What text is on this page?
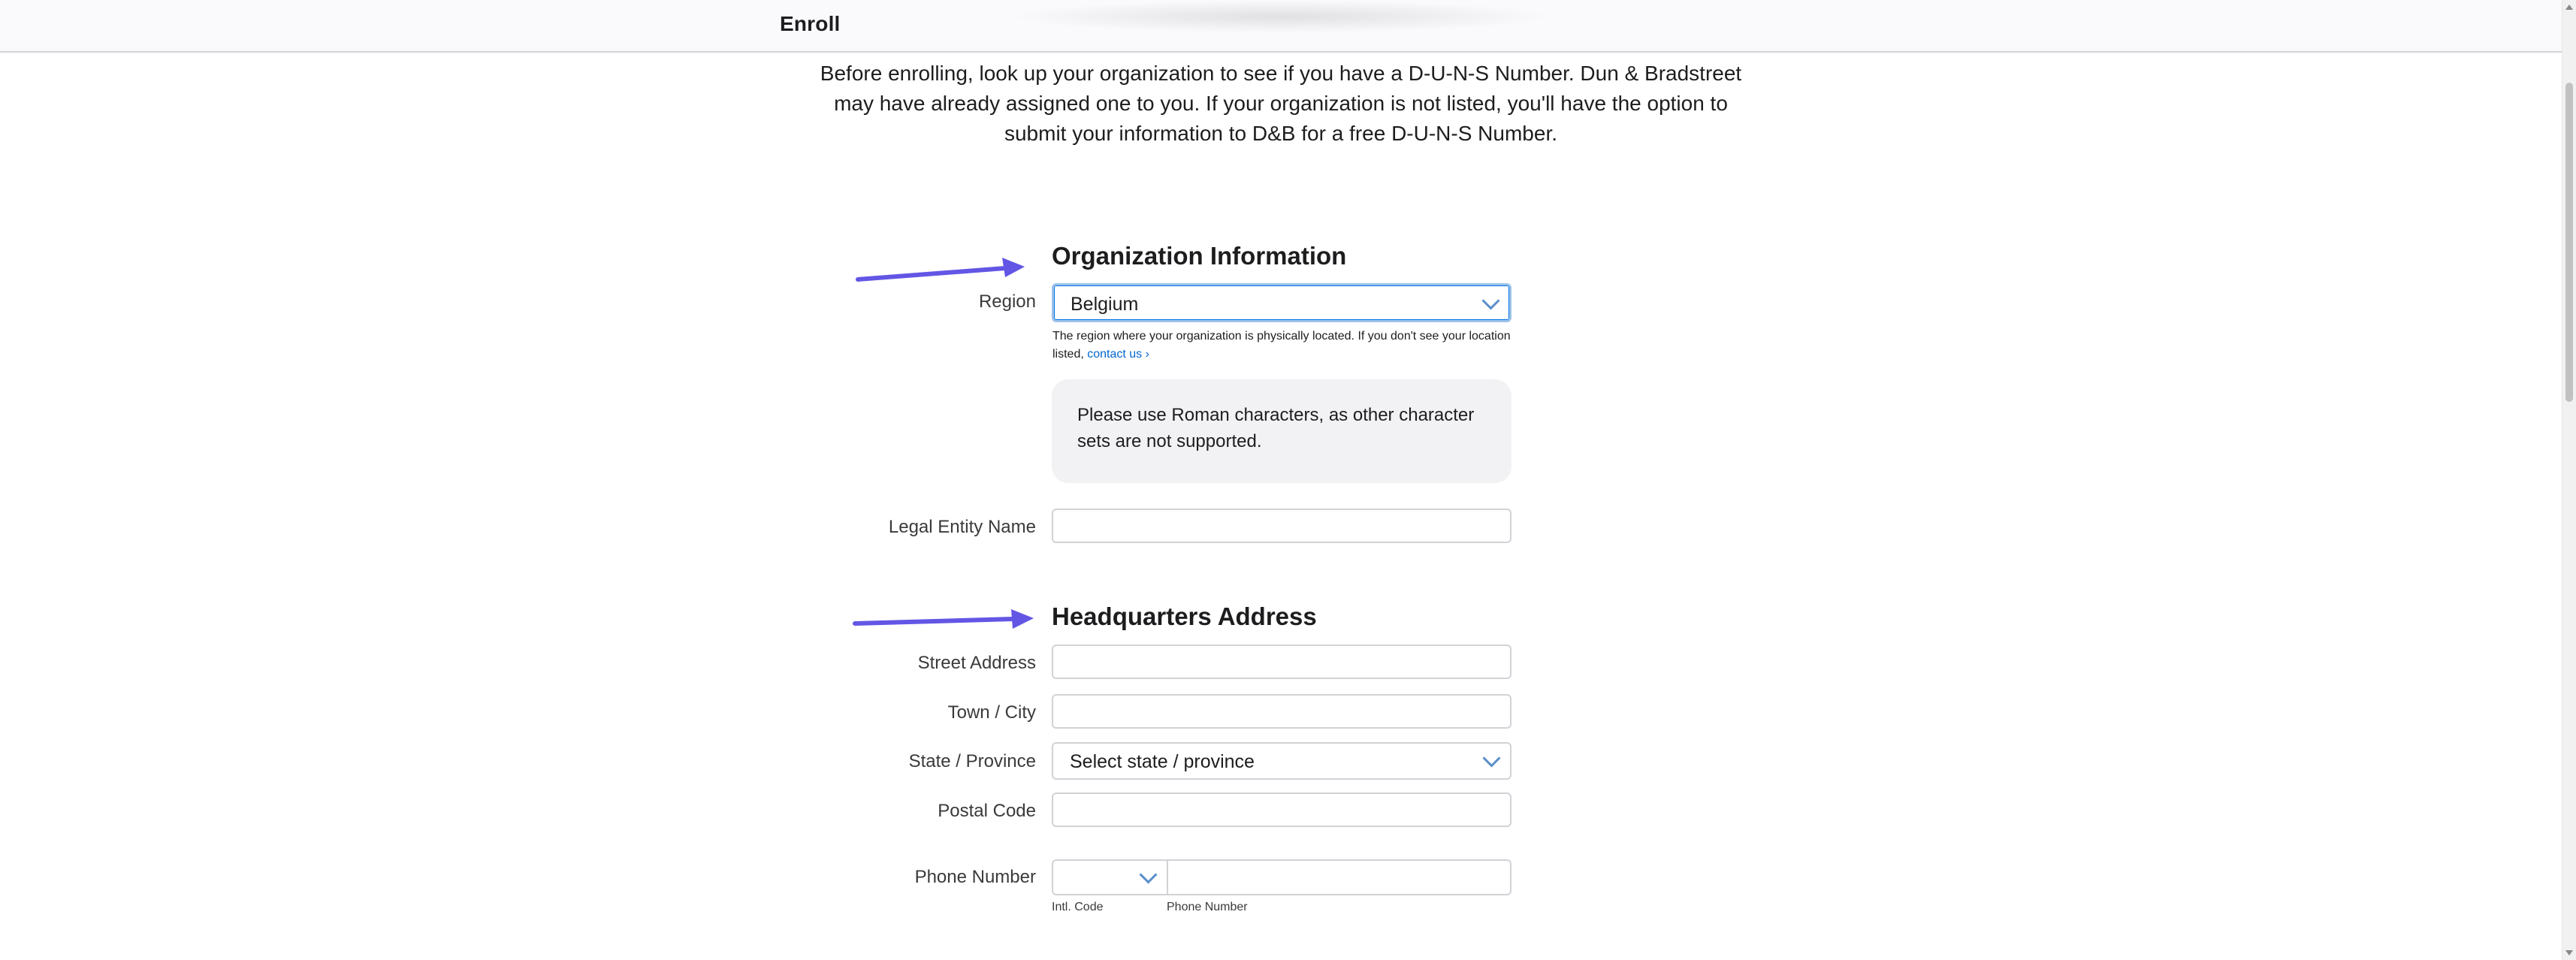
Enroll
Before enrolling, look up your organization to see if you have a D-U-N-S Number. Dun & Bradstreet may have already assigned one to you. If your organization is not listed, you'll have the option to submit your information to D&B for a free D-U-N-S Number.
Organization Information
Region Belgium
The region where your organization is physically located. If you don't see your location listed, contact us ›
Please use Roman characters, as other character sets are not supported.
Legal Entity Name
Headquarters Address
Street Address
Town / City
State / Province Select state / province
Postal Code
Phone Number
Intl. Code	Phone Number
